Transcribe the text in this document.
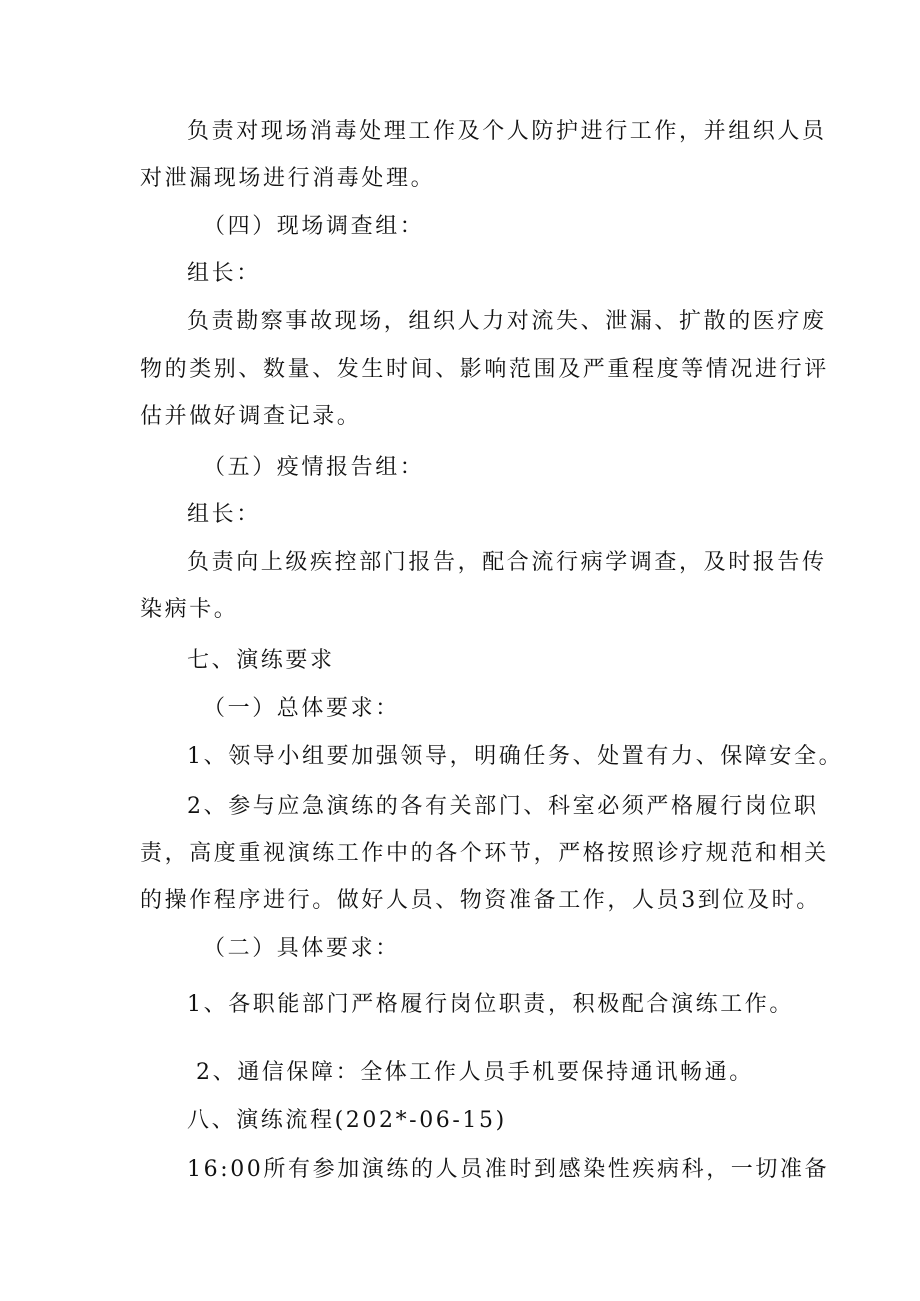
负责对现场消毒处理工作及个人防护进行工作，并组织人员
对泄漏现场进行消毒处理。
（四）现场调查组：
组长：
负责勘察事故现场，组织人力对流失、泄漏、扩散的医疗废
物的类别、数量、发生时间、影响范围及严重程度等情况进行评
估并做好调查记录。
（五）疫情报告组：
组长：
负责向上级疾控部门报告，配合流行病学调查，及时报告传
染病卡。
七、演练要求
（一）总体要求：
1、领导小组要加强领导，明确任务、处置有力、保障安全。
2、参与应急演练的各有关部门、科室必须严格履行岗位职
责，高度重视演练工作中的各个环节，严格按照诊疗规范和相关
的操作程序进行。做好人员、物资准备工作，人员3到位及时。
（二）具体要求：
1、各职能部门严格履行岗位职责，积极配合演练工作。
2、通信保障：全体工作人员手机要保持通讯畅通。
八、演练流程(202*-06-15)
16:00所有参加演练的人员准时到感染性疾病科，一切准备
